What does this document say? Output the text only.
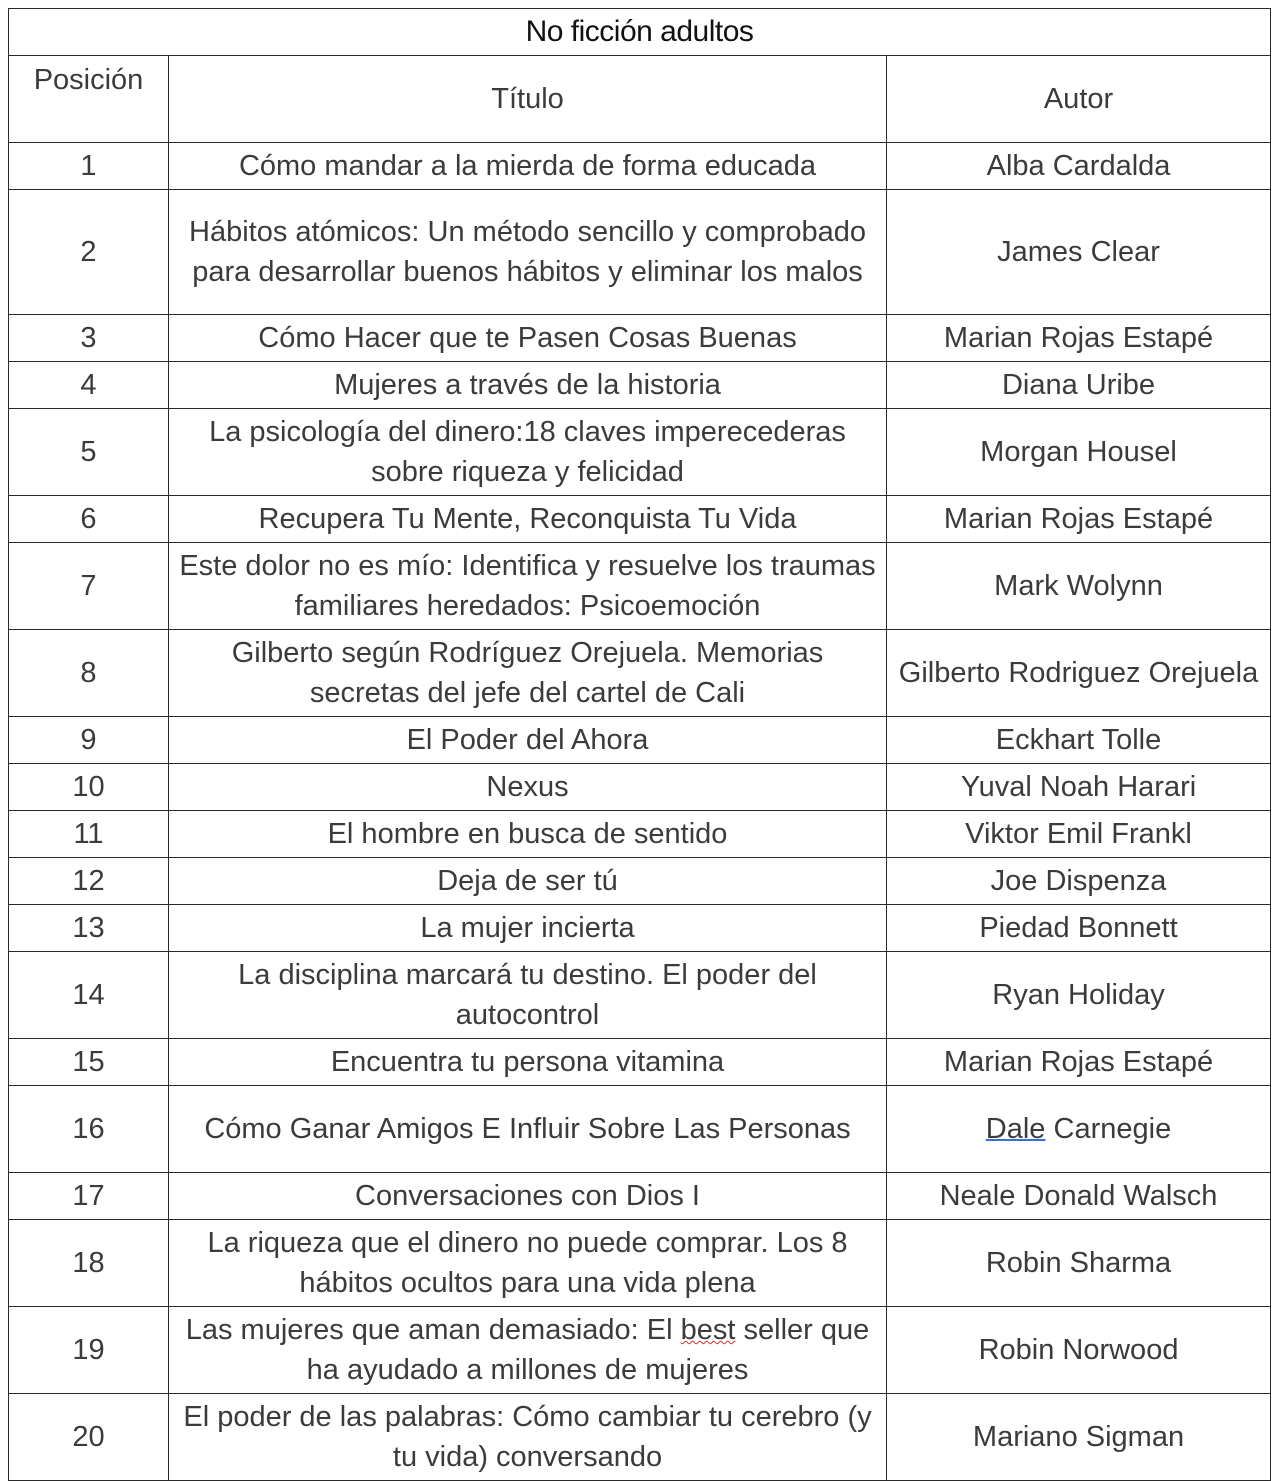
No ficción adultos		
Posición	Título	Autor
1	Cómo mandar a la mierda de forma educada	Alba Cardalda
2	Hábitos atómicos: Un método sencillo y comprobado para desarrollar buenos hábitos y eliminar los malos	James Clear
3	Cómo Hacer que te Pasen Cosas Buenas	Marian Rojas Estapé
4	Mujeres a través de la historia	Diana Uribe
5	La psicología del dinero:18 claves imperecederas sobre riqueza y felicidad	Morgan Housel
6	Recupera Tu Mente, Reconquista Tu Vida	Marian Rojas Estapé
7	Este dolor no es mío: Identifica y resuelve los traumas familiares heredados: Psicoemoción	Mark Wolynn
8	Gilberto según Rodríguez Orejuela. Memorias secretas del jefe del cartel de Cali	Gilberto Rodriguez Orejuela
9	El Poder del Ahora	Eckhart Tolle
10	Nexus	Yuval Noah Harari
11	El hombre en busca de sentido	Viktor Emil Frankl
12	Deja de ser tú	Joe Dispenza
13	La mujer incierta	Piedad Bonnett
14	La disciplina marcará tu destino. El poder del autocontrol	Ryan Holiday
15	Encuentra tu persona vitamina	Marian Rojas Estapé
16	Cómo Ganar Amigos E Influir Sobre Las Personas	Dale Carnegie
17	Conversaciones con Dios I	Neale Donald Walsch
18	La riqueza que el dinero no puede comprar. Los 8 hábitos ocultos para una vida plena	Robin Sharma
19	Las mujeres que aman demasiado: El best seller que ha ayudado a millones de mujeres	Robin Norwood
20	El poder de las palabras: Cómo cambiar tu cerebro (y tu vida) conversando	Mariano Sigman
